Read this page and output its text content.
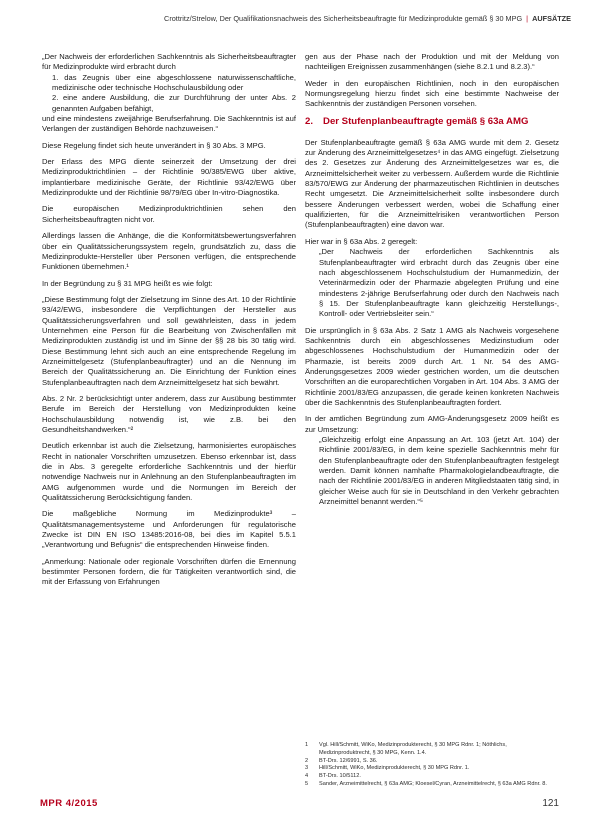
Crottritz/Strelow, Der Qualifikationsnachweis des Sicherheitsbeauftragte für Medizinprodukte gemäß § 30 MPG | AUFSÄTZE

„Der Nachweis der erforderlichen Sachkenntnis als Sicherheitsbeauftragter für Medizinprodukte wird erbracht durch

1. das Zeugnis über eine abgeschlossene naturwissenschaftliche, medizinische oder technische Hochschulausbildung oder

2. eine andere Ausbildung, die zur Durchführung der unter Abs. 2 genannten Aufgaben befähigt,

und eine mindestens zweijährige Berufserfahrung. Die Sachkenntnis ist auf Verlangen der zuständigen Behörde nachzuweisen.“

Diese Regelung findet sich heute unverändert in § 30 Abs. 3 MPG.

Der Erlass des MPG diente seinerzeit der Umsetzung der drei Medizinproduktrichtlinien – der Richtlinie 90/385/EWG über aktive, implantierbare medizinische Geräte, der Richtlinie 93/42/EWG über Medizinprodukte und der Richtlinie 98/79/EG über In-vitro-Diagnostika.

Die europäischen Medizinproduktrichtlinien sehen den Sicherheitsbeauftragten nicht vor.

Allerdings lassen die Anhänge, die die Konformitätsbewertungsverfahren über ein Qualitätssicherungssystem regeln, grundsätzlich zu, dass die Medizinprodukte-Hersteller über Personen verfügen, die entsprechende Funktionen übernehmen.¹

In der Begründung zu § 31 MPG heißt es wie folgt:

„Diese Bestimmung folgt der Zielsetzung im Sinne des Art. 10 der Richtlinie 93/42/EWG, insbesondere die Verpflichtungen der Hersteller aus Qualitätssicherungsverfahren und soll gewährleisten, dass in jedem Unternehmen eine Person für die Bearbeitung von Zwischenfällen mit Medizinprodukten zuständig ist und im Sinne der §§ 28 bis 30 tätig wird. Diese Bestimmung lehnt sich auch an eine entsprechende Regelung im Arzneimittelgesetz (Stufenplanbeauftragter) und an die Nennung im Bereich der Qualitätssicherung an. Die Einrichtung der Funktion eines Stufenplanbeauftragten nach dem Arzneimittelgesetz hat sich bewährt.

Abs. 2 Nr. 2 berücksichtigt unter anderem, dass zur Ausübung bestimmter Berufe im Bereich der Herstellung von Medizinprodukten keine Hochschulausbildung notwendig ist, wie z.B. bei den Gesundheitshandwerken.“²

Deutlich erkennbar ist auch die Zielsetzung, harmonisiertes europäisches Recht in nationaler Vorschriften umzusetzen. Ebenso erkennbar ist, dass die in Abs. 3 geregelte erforderliche Sachkenntnis und der hierfür notwendige Nachweis nur in Anlehnung an den Stufenplanbeauftragten im AMG aufgenommen wurde und die Normungen im Bereich der Qualitätssicherung Berücksichtigung fanden.

Die maßgebliche Normung im Medizinprodukte³ – Qualitätsmanagementsysteme und Anforderungen für regulatorische Zwecke ist DIN EN ISO 13485:2016-08, bei dies im Kapitel 5.5.1 „Verantwortung und Befugnis“ die entsprechenden Hinweise finden.

„Anmerkung: Nationale oder regionale Vorschriften dürfen die Ernennung bestimmter Personen fordern, die für Tätigkeiten verantwortlich sind, die mit der Erfassung von Erfahrungen

gen aus der Phase nach der Produktion und mit der Meldung von nachteiligen Ereignissen zusammenhängen (siehe 8.2.1 und 8.2.3).“

Weder in den europäischen Richtlinien, noch in den europäischen Normungsregelung hierzu findet sich eine bestimmte Nachweise der Sachkenntnis der zuständigen Personen vorsehen.

2. Der Stufenplanbeauftragte gemäß § 63a AMG

Der Stufenplanbeauftragte gemäß § 63a AMG wurde mit dem 2. Gesetz zur Änderung des Arzneimittelgesetzes⁴ in das AMG eingefügt. Zielsetzung des 2. Gesetzes zur Änderung des Arzneimittelgesetzes war es, die Arzneimittelsicherheit weiter zu verbessern. Außerdem wurde die Richtlinie 83/570/EWG zur Änderung der pharmazeutischen Richtlinien in deutsches Recht umgesetzt. Die Arzneimittelsicherheit sollte insbesondere durch bessere Änderungen verbessert werden, wobei die Schaffung einer qualifizierten, für die Arzneimittelrisiken verantwortlichen Person (Stufenplanbeauftragten) eine davon war.

Hier war in § 63a Abs. 2 geregelt:

„Der Nachweis der erforderlichen Sachkenntnis als Stufenplanbeauftragter wird erbracht durch das Zeugnis über eine nach abgeschlossenem Hochschulstudium der Humanmedizin, der Veterinärmedizin oder der Pharmazie abgelegten Prüfung und eine mindestens 2-jährige Berufserfahrung oder durch den Nachweis nach § 15. Der Stufenplanbeauftragte kann gleichzeitig Herstellungs-, Kontroll- oder Vertriebsleiter sein.“

Die ursprünglich in § 63a Abs. 2 Satz 1 AMG als Nachweis vorgesehene Sachkenntnis durch ein abgeschlossenes Medizinstudium oder abgeschlossenes Hochschulstudium der Humanmedizin oder der Pharmazie, ist bereits 2009 durch Art. 1 Nr. 54 des AMG-Änderungsgesetzes 2009 wieder gestrichen worden, um die deutschen Vorschriften an die europarechtlichen Vorgaben in Art. 104 Abs. 3 AMG der Richtlinie 2001/83/EG anzupassen, die gerade keinen konkreten Nachweis über die Sachkenntnis des Stufenplanbeauftragten fordert.

In der amtlichen Begründung zum AMG-Änderungsgesetz 2009 heißt es zur Umsetzung:

„Gleichzeitig erfolgt eine Anpassung an Art. 103 (jetzt Art. 104) der Richtlinie 2001/83/EG, in dem keine spezielle Sachkenntnis mehr für den Stufenplanbeauftragte oder den Stufenplanbeauftragten festgelegt werden. Damit können namhafte Pharmakologielandbeauftragte, die nach der Richtlinie 2001/83/EG in anderen Mitgliedstaaten tätig sind, in gleicher Weise auch für sie in Deutschland in den Verkehr gebrachten Arzneimittel benannt werden.“⁵

1	Vgl. Hill/Schmitt, WiKo, Medizinprodukterecht, § 30 MPG Rdnr. 1; Nöthlichs, Medizinproduktrecht, § 30 MPG, Kenn. 1.4.
2	BT-Drs. 12/6991, S. 36.
3	Hill/Schmitt, WiKo, Medizinprodukterecht, § 30 MPG Rdnr. 1.
4	BT-Drs. 10/5112.
5	Sander, Arzneimittelrecht, § 63a AMG; Kloesel/Cyran, Arzneimittelrecht, § 63a AMG Rdnr. 8.
MPR 4/2015	121
